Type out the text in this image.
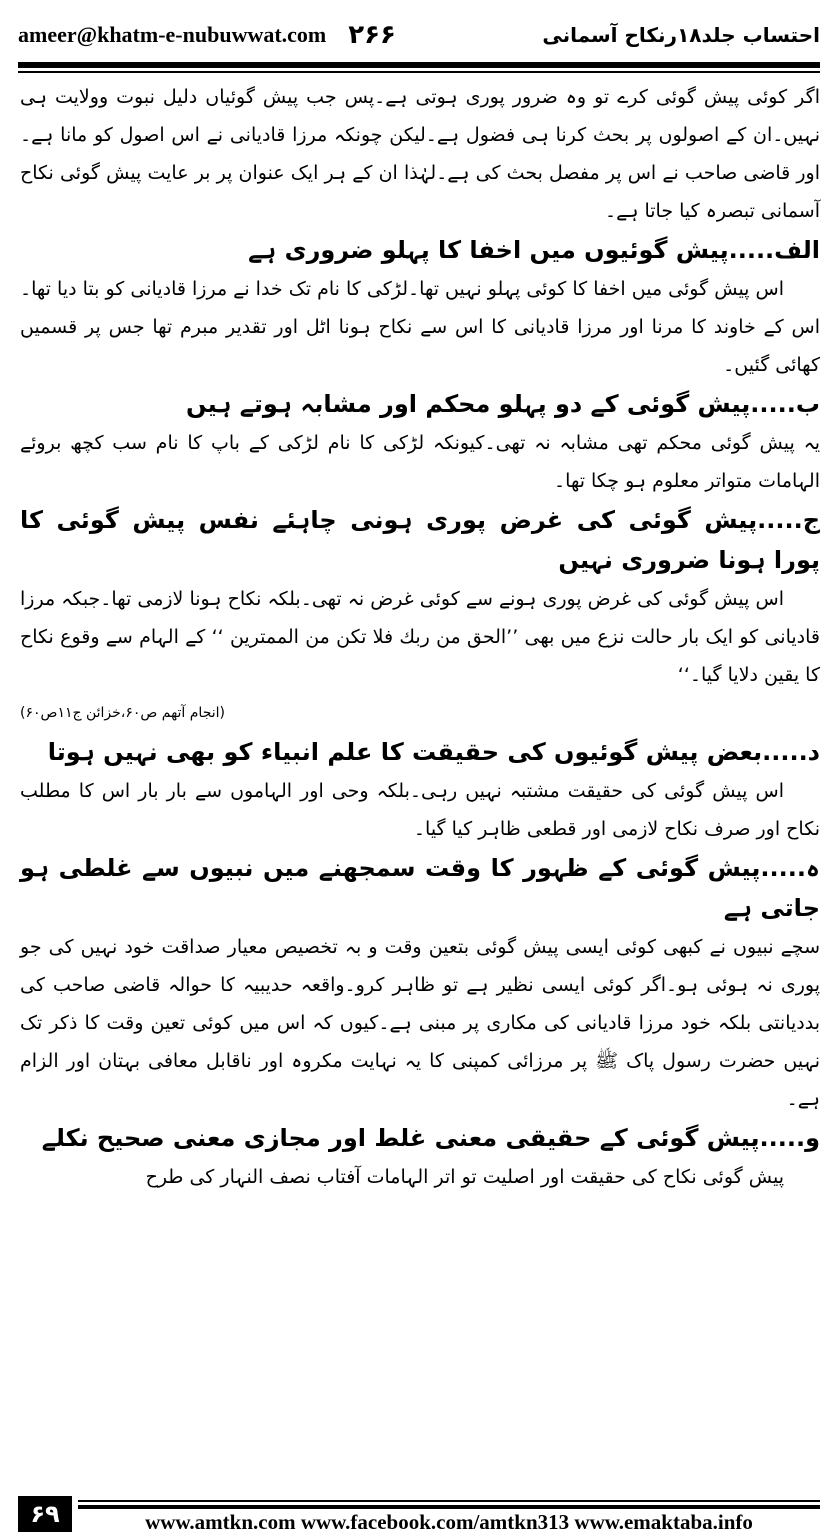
ameer@khatm-e-nubuwwat.com ۲۶۶	احتساب جلد۱۸رنکاح آسمانی

اگر کوئی پیش گوئی کرے تو وہ ضرور پوری ہوتی ہے۔پس جب پیش گوئیاں دلیل نبوت وولایت ہی نہیں۔ان کے اصولوں پر بحث کرنا ہی فضول ہے۔لیکن چونکہ مرزا قادیانی نے اس اصول کو مانا ہے۔اور قاضی صاحب نے اس پر مفصل بحث کی ہے۔لہٰذا ان کے ہر ایک عنوان پر بر عایت پیش گوئی نکاح آسمانی تبصرہ کیا جاتا ہے۔

الف.....پیش گوئیوں میں اخفا کا پہلو ضروری ہے

اس پیش گوئی میں اخفا کا کوئی پہلو نہیں تھا۔لڑکی کا نام تک خدا نے مرزا قادیانی کو بتا دیا تھا۔اس کے خاوند کا مرنا اور مرزا قادیانی کا اس سے نکاح ہونا اٹل اور تقدیر مبرم تھا جس پر قسمیں کھائی گئیں۔

ب.....پیش گوئی کے دو پہلو محکم اور مشابہ ہوتے ہیں

یہ پیش گوئی محکم تھی مشابہ نہ تھی۔کیونکہ لڑکی کا نام لڑکی کے باپ کا نام سب کچھ بروئے الہامات متواتر معلوم ہو چکا تھا۔

ج.....پیش گوئی کی غرض پوری ہونی چاہئے نفس پیش گوئی کا پورا ہونا ضروری نہیں

اس پیش گوئی کی غرض پوری ہونے سے کوئی غرض نہ تھی۔بلکہ نکاح ہونا لازمی تھا۔جبکہ مرزا قادیانی کو ایک بار حالت نزع میں بھی ’’الحق من ربك فلا تكن من الممترين ‘‘ کے الہام سے وقوع نکاح کا یقین دلایا گیا۔‘‘

(انجام آتھم ص۶۰،خزائن ج۱۱ص۶۰)

د.....بعض پیش گوئیوں کی حقیقت کا علم انبیاء کو بھی نہیں ہوتا

اس پیش گوئی کی حقیقت مشتبہ نہیں رہی۔بلکہ وحی اور الہاموں سے بار بار اس کا مطلب نکاح اور صرف نکاح لازمی اور قطعی ظاہر کیا گیا۔

ہ.....پیش گوئی کے ظہور کا وقت سمجھنے میں نبیوں سے غلطی ہو جاتی ہے

سچے نبیوں نے کبھی کوئی ایسی پیش گوئی بتعین وقت و بہ تخصیص معیار صداقت خود نہیں کی جو پوری نہ ہوئی ہو۔اگر کوئی ایسی نظیر ہے تو ظاہر کرو۔واقعہ حدیبیہ کا حوالہ قاضی صاحب کی بددیانتی بلکہ خود مرزا قادیانی کی مکاری پر مبنی ہے۔کیوں کہ اس میں کوئی تعین وقت کا ذکر تک نہیں حضرت رسول پاک ﷺ پر مرزائی کمپنی کا یہ نہایت مکروہ اور ناقابل معافی بہتان اور الزام ہے۔

و.....پیش گوئی کے حقیقی معنی غلط اور مجازی معنی صحیح نکلے

پیش گوئی نکاح کی حقیقت اور اصلیت تو اتر الہامات آفتاب نصف النہار کی طرح

۶۹	www.amtkn.com www.facebook.com/amtkn313 www.emaktaba.info
